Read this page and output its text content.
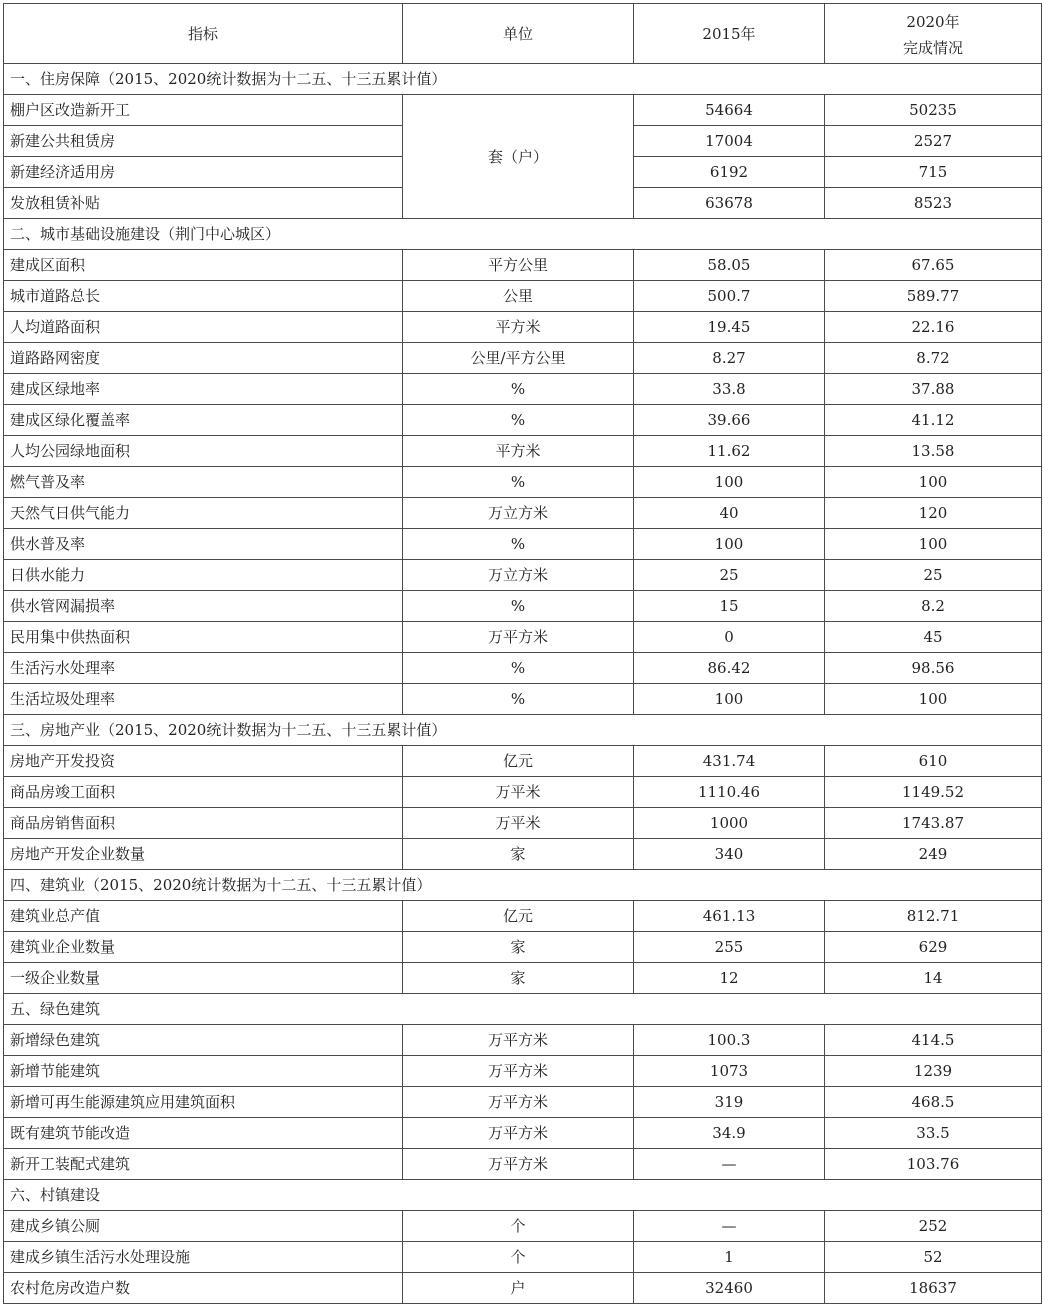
指标	单位	2015年	2020年
完成情况

一、住房保障（2015、2020统计数据为十二五、十三五累计值）			
棚户区改造新开工	套（户）	54664	50235
新建公共租赁房		17004	2527
新建经济适用房		6192	715
发放租赁补贴		63678	8523
二、城市基础设施建设（荆门中心城区）			
建成区面积	平方公里	58.05	67.65
城市道路总长	公里	500.7	589.77
人均道路面积	平方米	19.45	22.16
道路路网密度	公里/平方公里	8.27	8.72
建成区绿地率	%	33.8	37.88
建成区绿化覆盖率	%	39.66	41.12
人均公园绿地面积	平方米	11.62	13.58
燃气普及率	%	100	100
天然气日供气能力	万立方米	40	120
供水普及率	%	100	100
日供水能力	万立方米	25	25
供水管网漏损率	%	15	8.2
民用集中供热面积	万平方米	0	45
生活污水处理率	%	86.42	98.56
生活垃圾处理率	%	100	100
三、房地产业（2015、2020统计数据为十二五、十三五累计值）			
房地产开发投资	亿元	431.74	610
商品房竣工面积	万平米	1110.46	1149.52
商品房销售面积	万平米	1000	1743.87
房地产开发企业数量	家	340	249
四、建筑业（2015、2020统计数据为十二五、十三五累计值）			
建筑业总产值	亿元	461.13	812.71
建筑业企业数量	家	255	629
一级企业数量	家	12	14
五、绿色建筑			
新增绿色建筑	万平方米	100.3	414.5
新增节能建筑	万平方米	1073	1239
新增可再生能源建筑应用建筑面积	万平方米	319	468.5
既有建筑节能改造	万平方米	34.9	33.5
新开工装配式建筑	万平方米	—	103.76
六、村镇建设			
建成乡镇公厕	个	—	252
建成乡镇生活污水处理设施	个	1	52
农村危房改造户数	户	32460	18637
